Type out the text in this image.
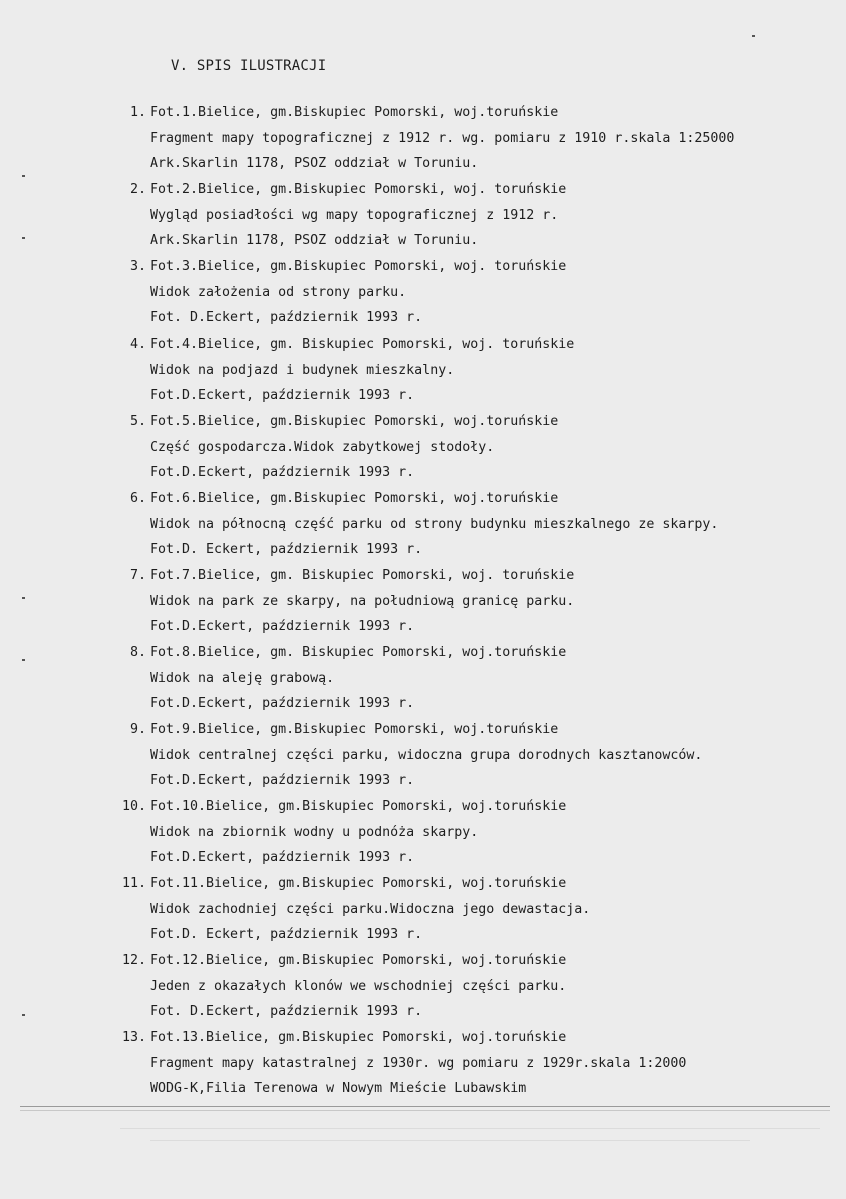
V. SPIS ILUSTRACJI
1. Fot.1.Bielice, gm.Biskupiec Pomorski, woj.toruńskie
Fragment mapy topograficznej z 1912 r. wg. pomiaru z 1910 r.skala 1:25000
Ark.Skarlin 1178, PSOZ oddział w Toruniu.
2. Fot.2.Bielice, gm.Biskupiec Pomorski, woj. toruńskie
Wygląd posiadłości wg mapy topograficznej z 1912 r.
Ark.Skarlin 1178, PSOZ oddział w Toruniu.
3. Fot.3.Bielice, gm.Biskupiec Pomorski, woj. toruńskie
Widok założenia od strony parku.
Fot. D.Eckert, październik 1993 r.
4. Fot.4.Bielice, gm. Biskupiec Pomorski, woj. toruńskie
Widok na podjazd i budynek mieszkalny.
Fot.D.Eckert, październik 1993 r.
5. Fot.5.Bielice, gm.Biskupiec Pomorski, woj.toruńskie
Część gospodarcza.Widok zabytkowej stodoły.
Fot.D.Eckert, październik 1993 r.
6. Fot.6.Bielice, gm.Biskupiec Pomorski, woj.toruńskie
Widok na północną część parku od strony budynku mieszkalnego ze skarpy.
Fot.D. Eckert, październik 1993 r.
7. Fot.7.Bielice, gm. Biskupiec Pomorski, woj. toruńskie
Widok na park ze skarpy, na południową granicę parku.
Fot.D.Eckert, październik 1993 r.
8. Fot.8.Bielice, gm. Biskupiec Pomorski, woj.toruńskie
Widok na aleję grabową.
Fot.D.Eckert, październik 1993 r.
9. Fot.9.Bielice, gm.Biskupiec Pomorski, woj.toruńskie
Widok centralnej części parku, widoczna grupa dorodnych kasztanowców.
Fot.D.Eckert, październik 1993 r.
10. Fot.10.Bielice, gm.Biskupiec Pomorski, woj.toruńskie
Widok na zbiornik wodny u podnóża skarpy.
Fot.D.Eckert, październik 1993 r.
11. Fot.11.Bielice, gm.Biskupiec Pomorski, woj.toruńskie
Widok zachodniej części parku.Widoczna jego dewastacja.
Fot.D. Eckert, październik 1993 r.
12. Fot.12.Bielice, gm.Biskupiec Pomorski, woj.toruńskie
Jeden z okazałych klonów we wschodniej części parku.
Fot. D.Eckert, październik 1993 r.
13. Fot.13.Bielice, gm.Biskupiec Pomorski, woj.toruńskie
Fragment mapy katastralnej z 1930r. wg pomiaru z 1929r.skala 1:2000
WODG-K,Filia Terenowa w Nowym Mieście Lubawskim
